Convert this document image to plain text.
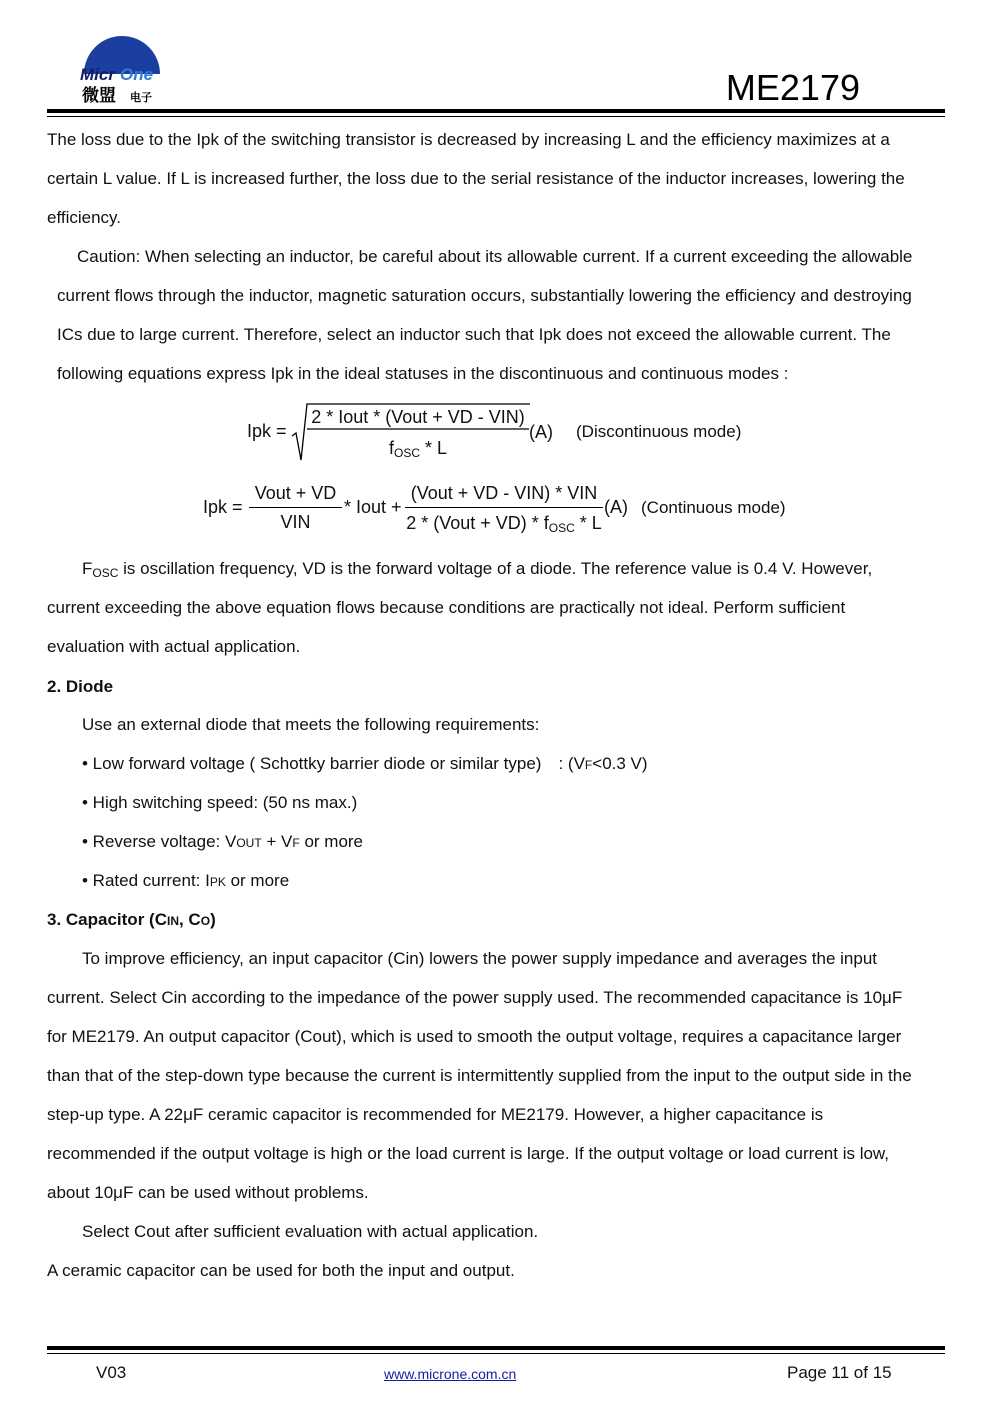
Micr One
微盟 电子	ME2179
The loss due to the Ipk of the switching transistor is decreased by increasing L and the efficiency maximizes at a
certain L value. If L is increased further, the loss due to the serial resistance of the inductor increases, lowering the
efficiency.
Caution: When selecting an inductor, be careful about its allowable current. If a current exceeding the allowable
current flows through the inductor, magnetic saturation occurs, substantially lowering the efficiency and destroying
ICs due to large current. Therefore, select an inductor such that Ipk does not exceed the allowable current. The
following equations express Ipk in the ideal statuses in the discontinuous and continuous modes :
Ipk =
2 * Iout * (Vout + VD - VIN)
$f_{OSC}$ * L
(A) (Discontinuous mode)
Ipk =
Vout + VD
VIN
* Iout +
(Vout + VD - VIN) * VIN
2 * (Vout + $VD) * f_{OSC}$ * L
(A) (Continuous mode)
$F_{OSC}$ is oscillation frequency, VD is the forward voltage of a diode. The reference value is 0.4 V. However,
current exceeding the above equation flows because conditions are practically not ideal. Perform sufficient
evaluation with actual application.
2. Diode
Use an external diode that meets the following requirements:
• Low forward voltage ( Schottky barrier diode or similar type)　: (VF<0.3 V)
• High switching speed: (50 ns max.)
• Reverse voltage: VOUT + VF or more
• Rated current: IPK or more
3. Capacitor (CIN, CO)
To improve efficiency, an input capacitor (Cin) lowers the power supply impedance and averages the input
current. Select Cin according to the impedance of the power supply used. The recommended capacitance is 10μF
for ME2179. An output capacitor (Cout), which is used to smooth the output voltage, requires a capacitance larger
than that of the step-down type because the current is intermittently supplied from the input to the output side in the
step-up type. A 22μF ceramic capacitor is recommended for ME2179. However, a higher capacitance is
recommended if the output voltage is high or the load current is large. If the output voltage or load current is low,
about 10μF can be used without problems.
Select Cout after sufficient evaluation with actual application.
A ceramic capacitor can be used for both the input and output.
V03	www.microne.com.cn	Page 11 of 15
